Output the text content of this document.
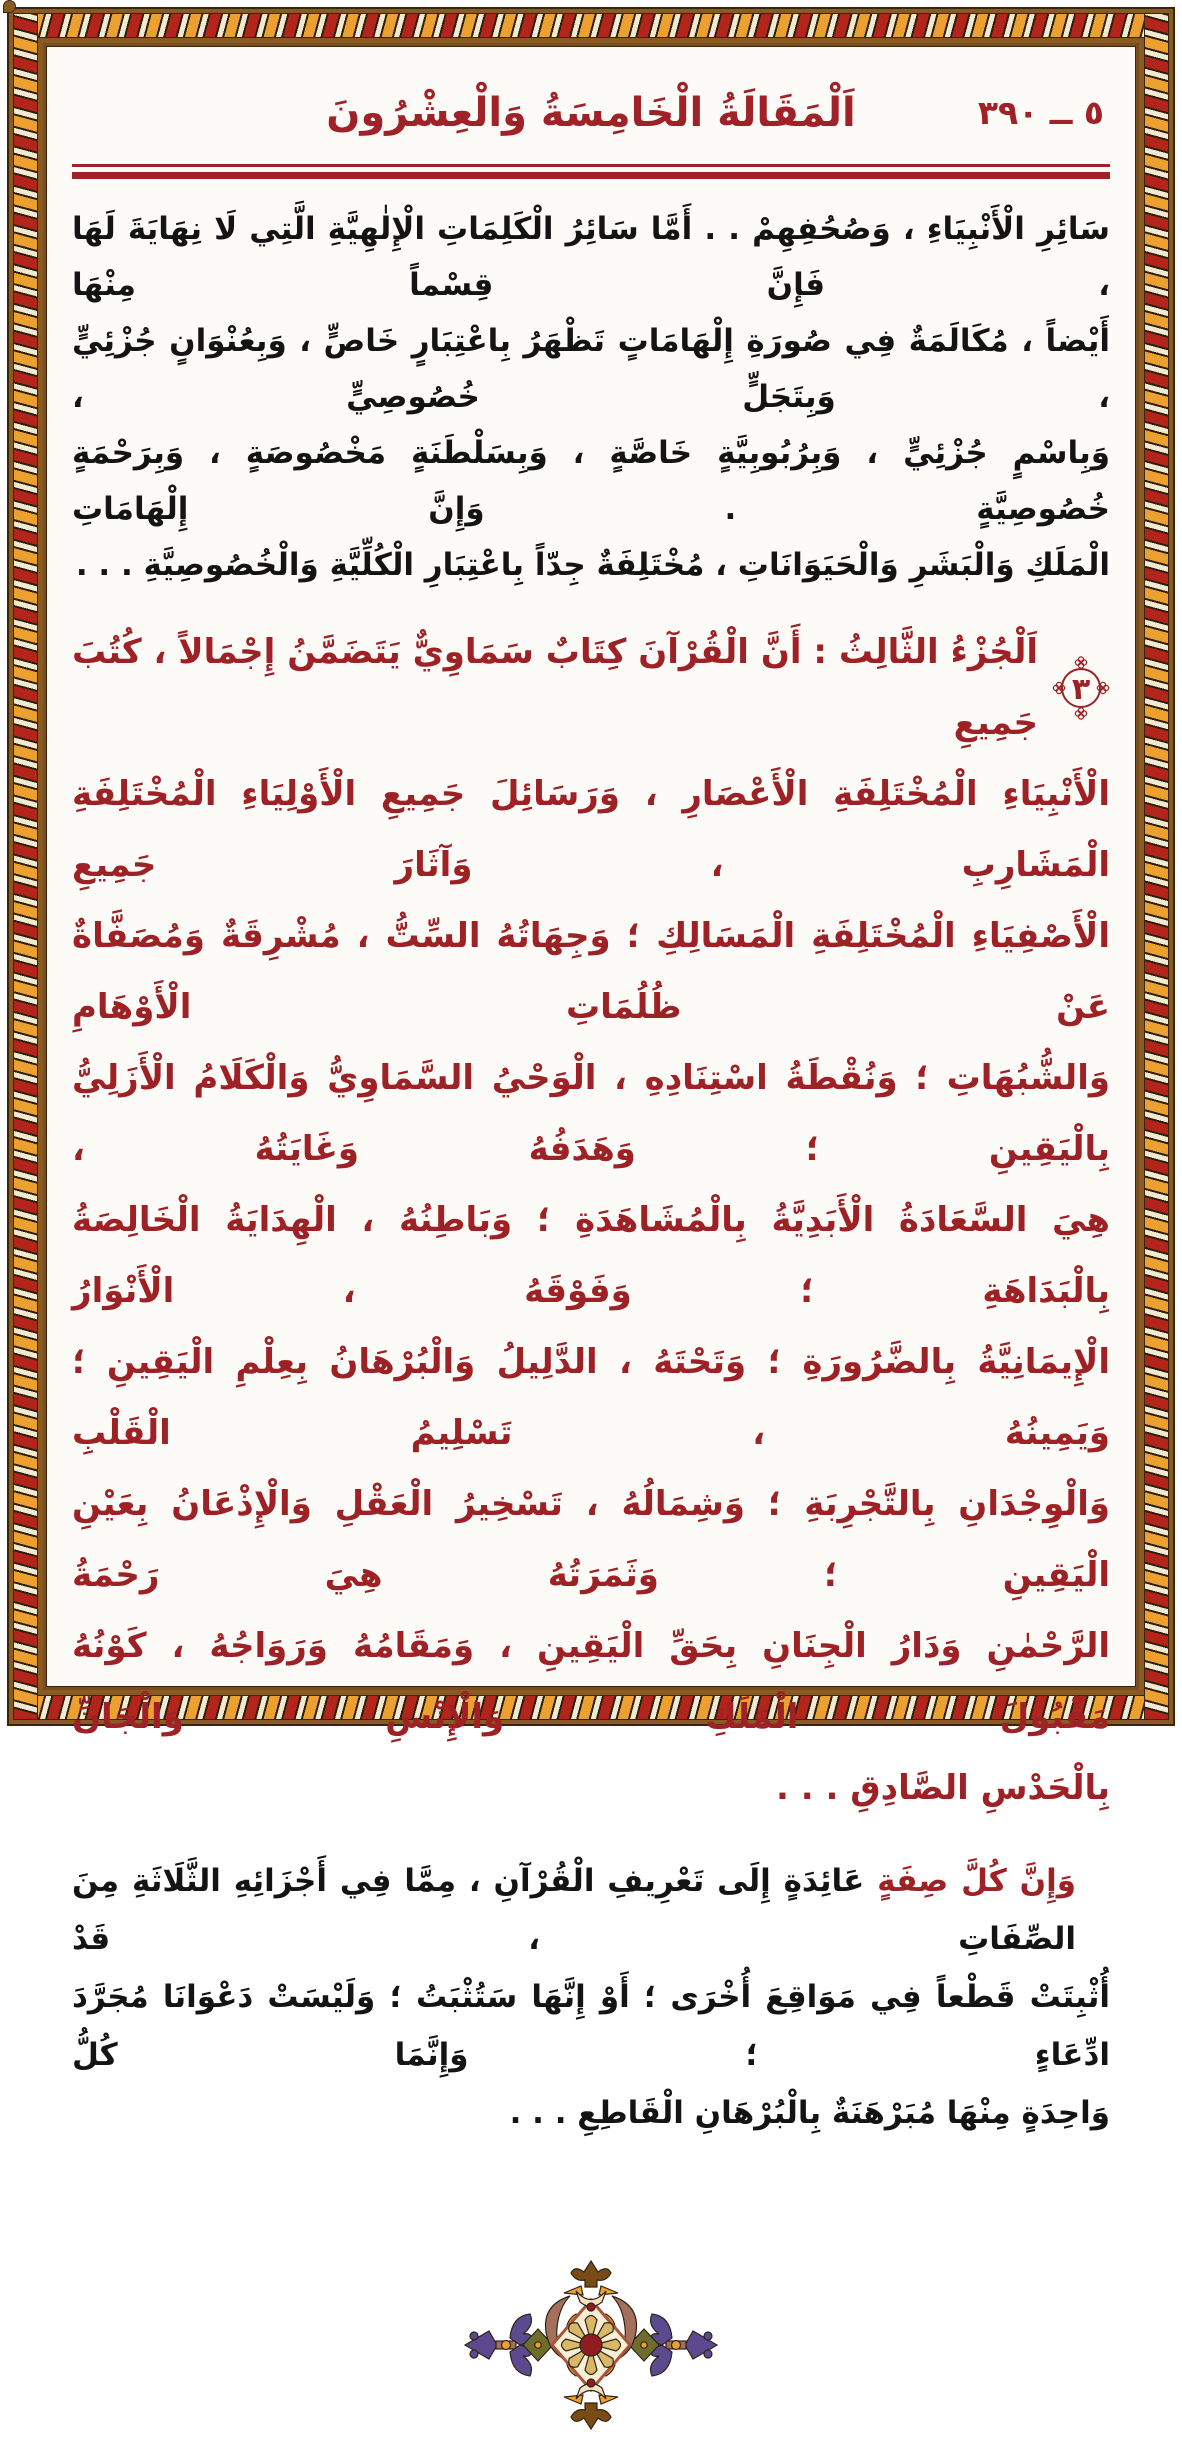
اَلْمَقَالَةُ الْخَامِسَةُ وَالْعِشْرُونَ	٣٩٠ ــ ٥
سَائِرِ الْأَنْبِيَاءِ ، وَصُحُفِهِمْ . . أَمَّا سَائِرُ الْكَلِمَاتِ الْإِلٰهِيَّةِ الَّتِي لَا نِهَايَةَ لَهَا ، فَإِنَّ قِسْماً مِنْهَا
أَيْضاً ، مُكَالَمَةٌ فِي صُورَةِ إِلْهَامَاتٍ تَظْهَرُ بِاعْتِبَارٍ خَاصٍّ ، وَبِعُنْوَانٍ جُزْئِيٍّ ، وَبِتَجَلٍّ خُصُوصِيٍّ ،
وَبِاسْمٍ جُزْئِيٍّ ، وَبِرُبُوبِيَّةٍ خَاصَّةٍ ، وَبِسَلْطَنَةٍ مَخْصُوصَةٍ ، وَبِرَحْمَةٍ خُصُوصِيَّةٍ . وَإِنَّ إِلْهَامَاتِ
الْمَلَكِ وَالْبَشَرِ وَالْحَيَوَانَاتِ ، مُخْتَلِفَةٌ جِدّاً بِاعْتِبَارِ الْكُلِّيَّةِ وَالْخُصُوصِيَّةِ . . .
٣
اَلْجُزْءُ الثَّالِثُ : أَنَّ الْقُرْآنَ كِتَابٌ سَمَاوِيٌّ يَتَضَمَّنُ إِجْمَالاً ، كُتُبَ جَمِيعِ
الْأَنْبِيَاءِ الْمُخْتَلِفَةِ الْأَعْصَارِ ، وَرَسَائِلَ جَمِيعِ الْأَوْلِيَاءِ الْمُخْتَلِفَةِ الْمَشَارِبِ ، وَآثَارَ جَمِيعِ
الْأَصْفِيَاءِ الْمُخْتَلِفَةِ الْمَسَالِكِ ؛ وَجِهَاتُهُ السِّتُّ ، مُشْرِقَةٌ وَمُصَفَّاةٌ عَنْ ظُلُمَاتِ الْأَوْهَامِ
وَالشُّبُهَاتِ ؛ وَنُقْطَةُ اسْتِنَادِهِ ، الْوَحْيُ السَّمَاوِيُّ وَالْكَلَامُ الْأَزَلِيُّ بِالْيَقِينِ ؛ وَهَدَفُهُ وَغَايَتُهُ ،
هِيَ السَّعَادَةُ الْأَبَدِيَّةُ بِالْمُشَاهَدَةِ ؛ وَبَاطِنُهُ ، الْهِدَايَةُ الْخَالِصَةُ بِالْبَدَاهَةِ ؛ وَفَوْقَهُ ، الْأَنْوَارُ
الْإِيمَانِيَّةُ بِالضَّرُورَةِ ؛ وَتَحْتَهُ ، الدَّلِيلُ وَالْبُرْهَانُ بِعِلْمِ الْيَقِينِ ؛ وَيَمِينُهُ ، تَسْلِيمُ الْقَلْبِ
وَالْوِجْدَانِ بِالتَّجْرِبَةِ ؛ وَشِمَالُهُ ، تَسْخِيرُ الْعَقْلِ وَالْإِذْعَانُ بِعَيْنِ الْيَقِينِ ؛ وَثَمَرَتُهُ هِيَ رَحْمَةُ
الرَّحْمٰنِ وَدَارُ الْجِنَانِ بِحَقِّ الْيَقِينِ ، وَمَقَامُهُ وَرَوَاجُهُ ، كَوْنُهُ مَقْبُولَ الْمَلَكِ وَالْإِنْسِ وَالْجَانِّ
بِالْحَدْسِ الصَّادِقِ . . .
وَإِنَّ كُلَّ صِفَةٍ عَائِدَةٍ إِلَى تَعْرِيفِ الْقُرْآنِ ، مِمَّا فِي أَجْزَائِهِ الثَّلَاثَةِ مِنَ الصِّفَاتِ ، قَدْ
أُثْبِتَتْ قَطْعاً فِي مَوَاقِعَ أُخْرَى ؛ أَوْ إِنَّهَا سَتُثْبَتُ ؛ وَلَيْسَتْ دَعْوَانَا مُجَرَّدَ ادِّعَاءٍ ؛ وَإِنَّمَا كُلُّ
وَاحِدَةٍ مِنْهَا مُبَرْهَنَةٌ بِالْبُرْهَانِ الْقَاطِعِ . . .
